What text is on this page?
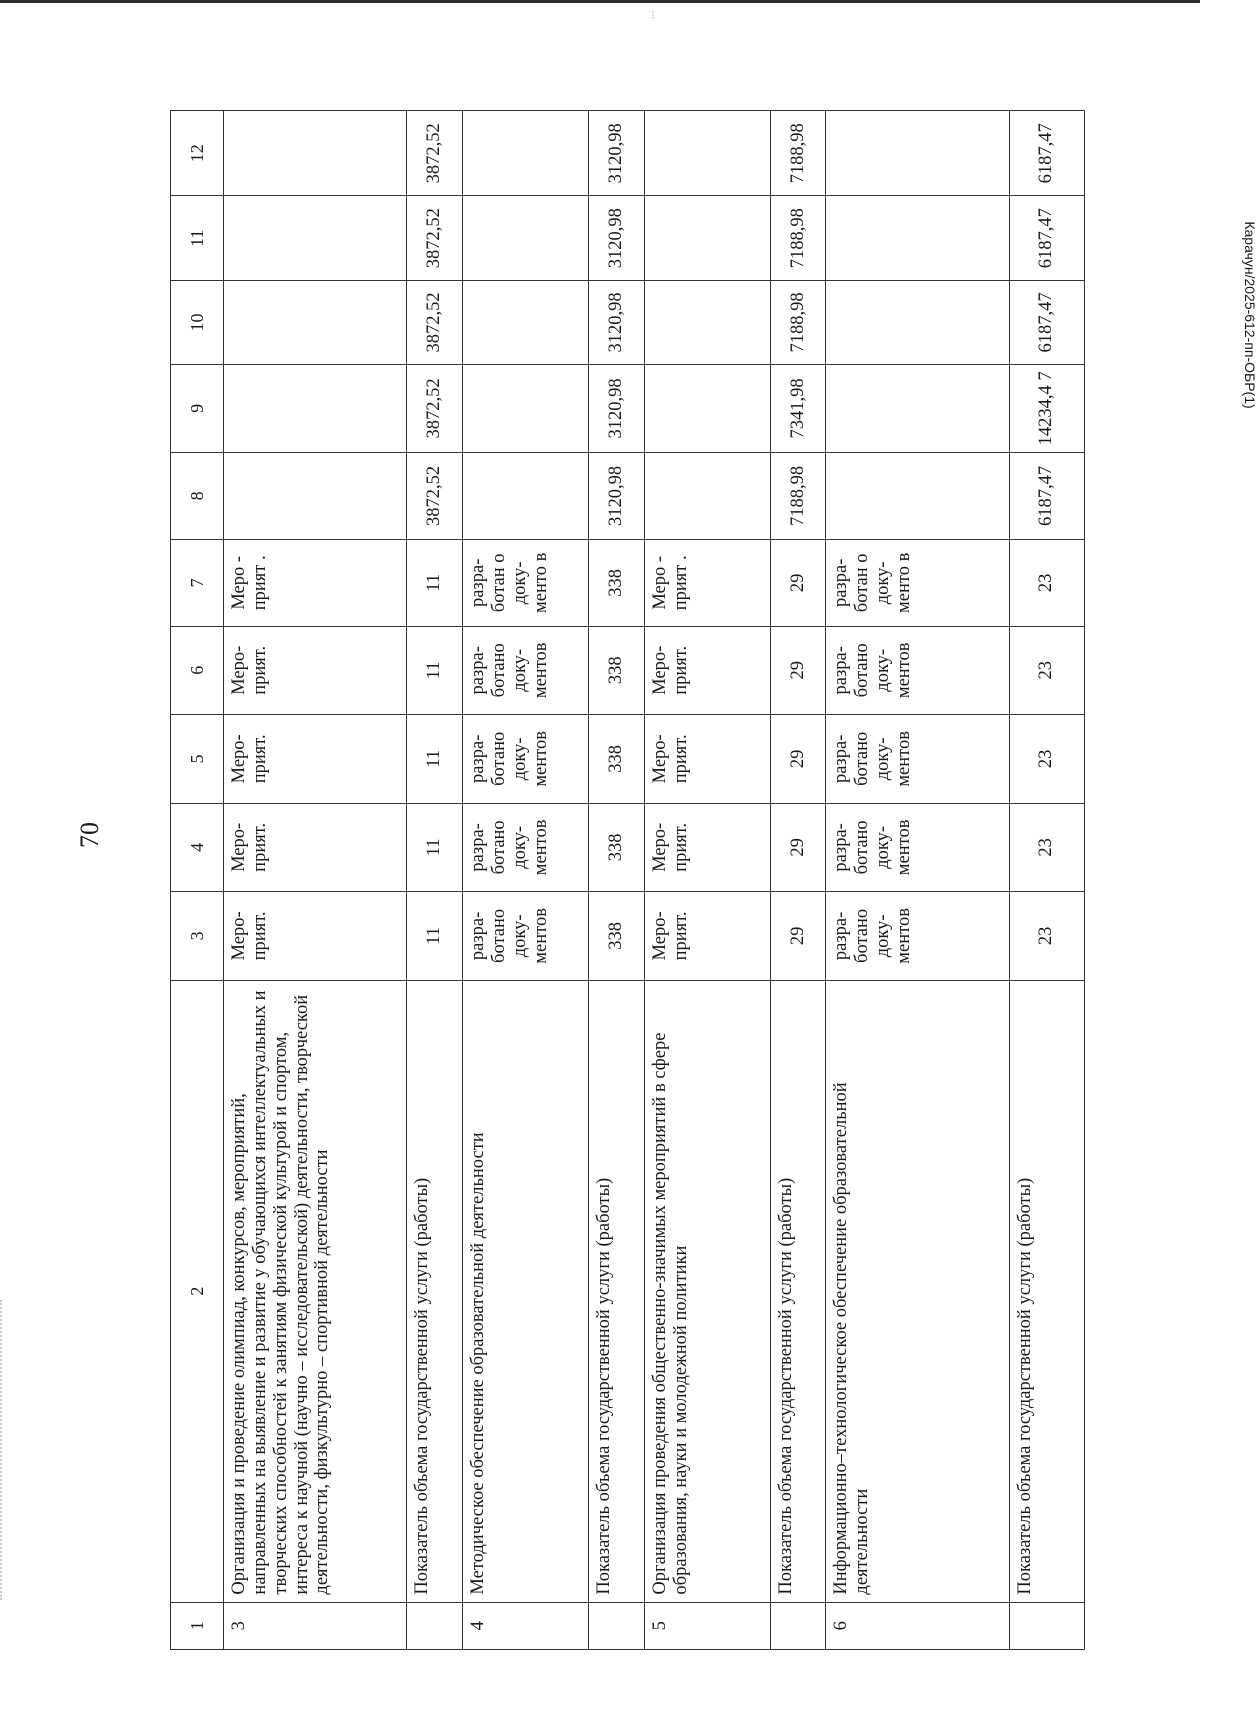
⁝
70
1	2	3	4	5	6	7	8	9	10	11	12
3	Организация и проведение олимпиад, конкурсов, мероприятий, направленных на выявление и развитие у обучающихся интеллектуальных и творческих способностей к занятиям физической культурой и спортом, интереса к научной (научно – исследовательской) деятельности, творческой деятельности, физкультурно – спортивной деятельности	Меро-прият.	Меро-прият.	Меро-прият.	Меро-прият.	Меро - прият .					
	Показатель объема государственной услуги (работы)	11	11	11	11	11	3872,52	3872,52	3872,52	3872,52	3872,52
4	Методическое обеспечение образовательной деятельности	разра-ботано доку-ментов	разра-ботано доку-ментов	разра-ботано доку-ментов	разра-ботано доку-ментов	разра-ботан о доку-менто в					
	Показатель объема государственной услуги (работы)	338	338	338	338	338	3120,98	3120,98	3120,98	3120,98	3120,98
5	Организация проведения общественно-значимых мероприятий в сфере образования, науки и молодежной политики	Меро-прият.	Меро-прият.	Меро-прият.	Меро-прият.	Меро - прият .					
	Показатель объема государственной услуги (работы)	29	29	29	29	29	7188,98	7341,98	7188,98	7188,98	7188,98
6	Информационно–технологическое обеспечение образовательной деятельности	разра-ботано доку-ментов	разра-ботано доку-ментов	разра-ботано доку-ментов	разра-ботано доку-ментов	разра-ботан о доку-менто в					
	Показатель объема государственной услуги (работы)	23	23	23	23	23	6187,47	14234,4 7	6187,47	6187,47	6187,47
Карачун/2025-612-пп-ОБР(1)
